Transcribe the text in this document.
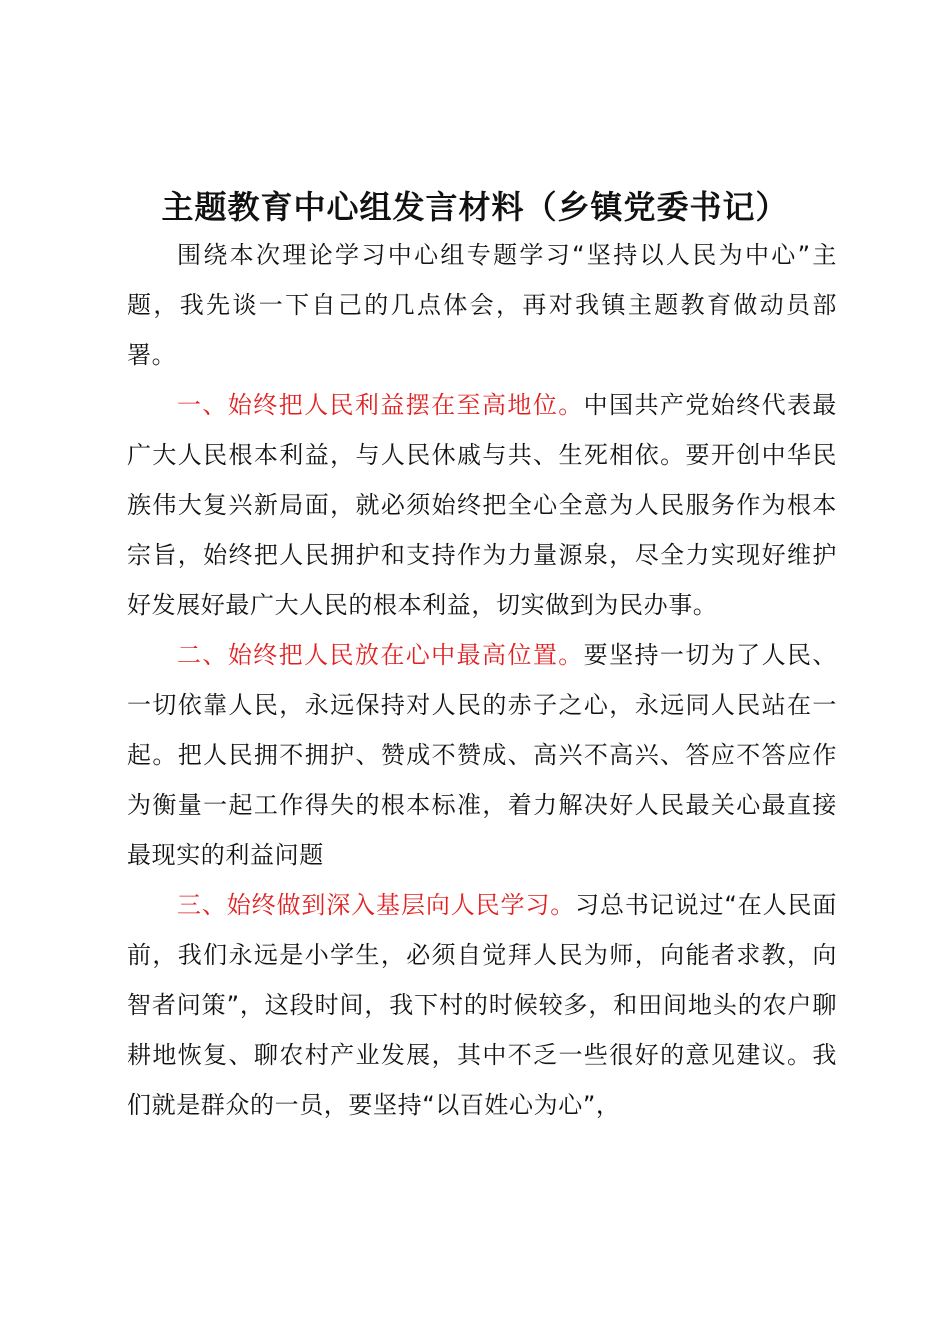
主题教育中心组发言材料（乡镇党委书记）

围绕本次理论学习中心组专题学习“坚持以人民为中心”主题，我先谈一下自己的几点体会，再对我镇主题教育做动员部署。

一、始终把人民利益摆在至高地位。中国共产党始终代表最广大人民根本利益，与人民休戚与共、生死相依。要开创中华民族伟大复兴新局面，就必须始终把全心全意为人民服务作为根本宗旨，始终把人民拥护和支持作为力量源泉，尽全力实现好维护好发展好最广大人民的根本利益，切实做到为民办事。

二、始终把人民放在心中最高位置。要坚持一切为了人民、一切依靠人民，永远保持对人民的赤子之心，永远同人民站在一起。把人民拥不拥护、赞成不赞成、高兴不高兴、答应不答应作为衡量一起工作得失的根本标准，着力解决好人民最关心最直接最现实的利益问题

三、始终做到深入基层向人民学习。习总书记说过“在人民面前，我们永远是小学生，必须自觉拜人民为师，向能者求教，向智者问策”，这段时间，我下村的时候较多，和田间地头的农户聊耕地恢复、聊农村产业发展，其中不乏一些很好的意见建议。我们就是群众的一员，要坚持“以百姓心为心”，
